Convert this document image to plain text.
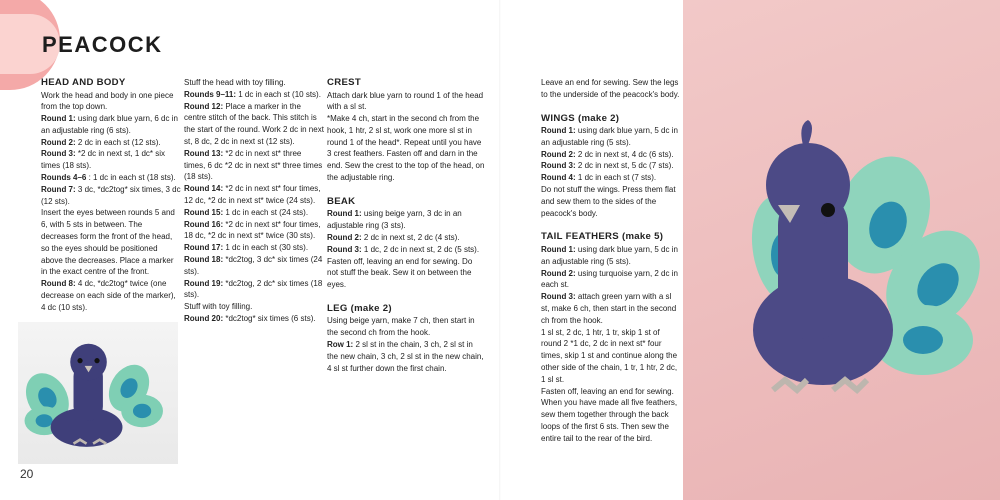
PEACOCK
HEAD AND BODY
Work the head and body in one piece from the top down.
Round 1: using dark blue yarn, 6 dc in an adjustable ring (6 sts).
Round 2: 2 dc in each st (12 sts).
Round 3: *2 dc in next st, 1 dc* six times (18 sts).
Rounds 4–6 : 1 dc in each st (18 sts).
Round 7: 3 dc, *dc2tog* six times, 3 dc (12 sts).
Insert the eyes between rounds 5 and 6, with 5 sts in between. The decreases form the front of the head, so the eyes should be positioned above the decreases. Place a marker in the exact centre of the front.
Round 8: 4 dc, *dc2tog* twice (one decrease on each side of the marker), 4 dc (10 sts).
Stuff the head with toy filling.
Rounds 9–11: 1 dc in each st (10 sts).
Round 12: Place a marker in the centre stitch of the back. This stitch is the start of the round. Work 2 dc in next st, 8 dc, 2 dc in next st (12 sts).
Round 13: *2 dc in next st* three times, 6 dc *2 dc in next st* three times (18 sts).
Round 14: *2 dc in next st* four times, 12 dc, *2 dc in next st* twice (24 sts).
Round 15: 1 dc in each st (24 sts).
Round 16: *2 dc in next st* four times, 18 dc, *2 dc in next st* twice (30 sts).
Round 17: 1 dc in each st (30 sts).
Round 18: *dc2tog, 3 dc* six times (24 sts).
Round 19: *dc2tog, 2 dc* six times (18 sts).
Stuff with toy filling.
Round 20: *dc2tog* six times (6 sts).
CREST
Attach dark blue yarn to round 1 of the head with a sl st.
*Make 4 ch, start in the second ch from the hook, 1 htr, 2 sl st, work one more sl st in round 1 of the head*. Repeat until you have 3 crest feathers. Fasten off and darn in the end. Sew the crest to the top of the head, on the adjustable ring.
BEAK
Round 1: using beige yarn, 3 dc in an adjustable ring (3 sts).
Round 2: 2 dc in next st, 2 dc (4 sts).
Round 3: 1 dc, 2 dc in next st, 2 dc (5 sts).
Fasten off, leaving an end for sewing. Do not stuff the beak. Sew it on between the eyes.
LEG (make 2)
Using beige yarn, make 7 ch, then start in the second ch from the hook.
Row 1: 2 sl st in the chain, 3 ch, 2 sl st in the new chain, 3 ch, 2 sl st in the new chain, 4 sl st further down the first chain.
Leave an end for sewing. Sew the legs to the underside of the peacock's body.
WINGS (make 2)
Round 1: using dark blue yarn, 5 dc in an adjustable ring (5 sts).
Round 2: 2 dc in next st, 4 dc (6 sts).
Round 3: 2 dc in next st, 5 dc (7 sts).
Round 4: 1 dc in each st (7 sts).
Do not stuff the wings. Press them flat and sew them to the sides of the peacock's body.
TAIL FEATHERS (make 5)
Round 1: using dark blue yarn, 5 dc in an adjustable ring (5 sts).
Round 2: using turquoise yarn, 2 dc in each st.
Round 3: attach green yarn with a sl st, make 6 ch, then start in the second ch from the hook.
1 sl st, 2 dc, 1 htr, 1 tr, skip 1 st of round 2 *1 dc, 2 dc in next st* four times, skip 1 st and continue along the other side of the chain, 1 tr, 1 htr, 2 dc, 1 sl st.
Fasten off, leaving an end for sewing. When you have made all five feathers, sew them together through the back loops of the first 6 sts. Then sew the entire tail to the rear of the bird.
20
